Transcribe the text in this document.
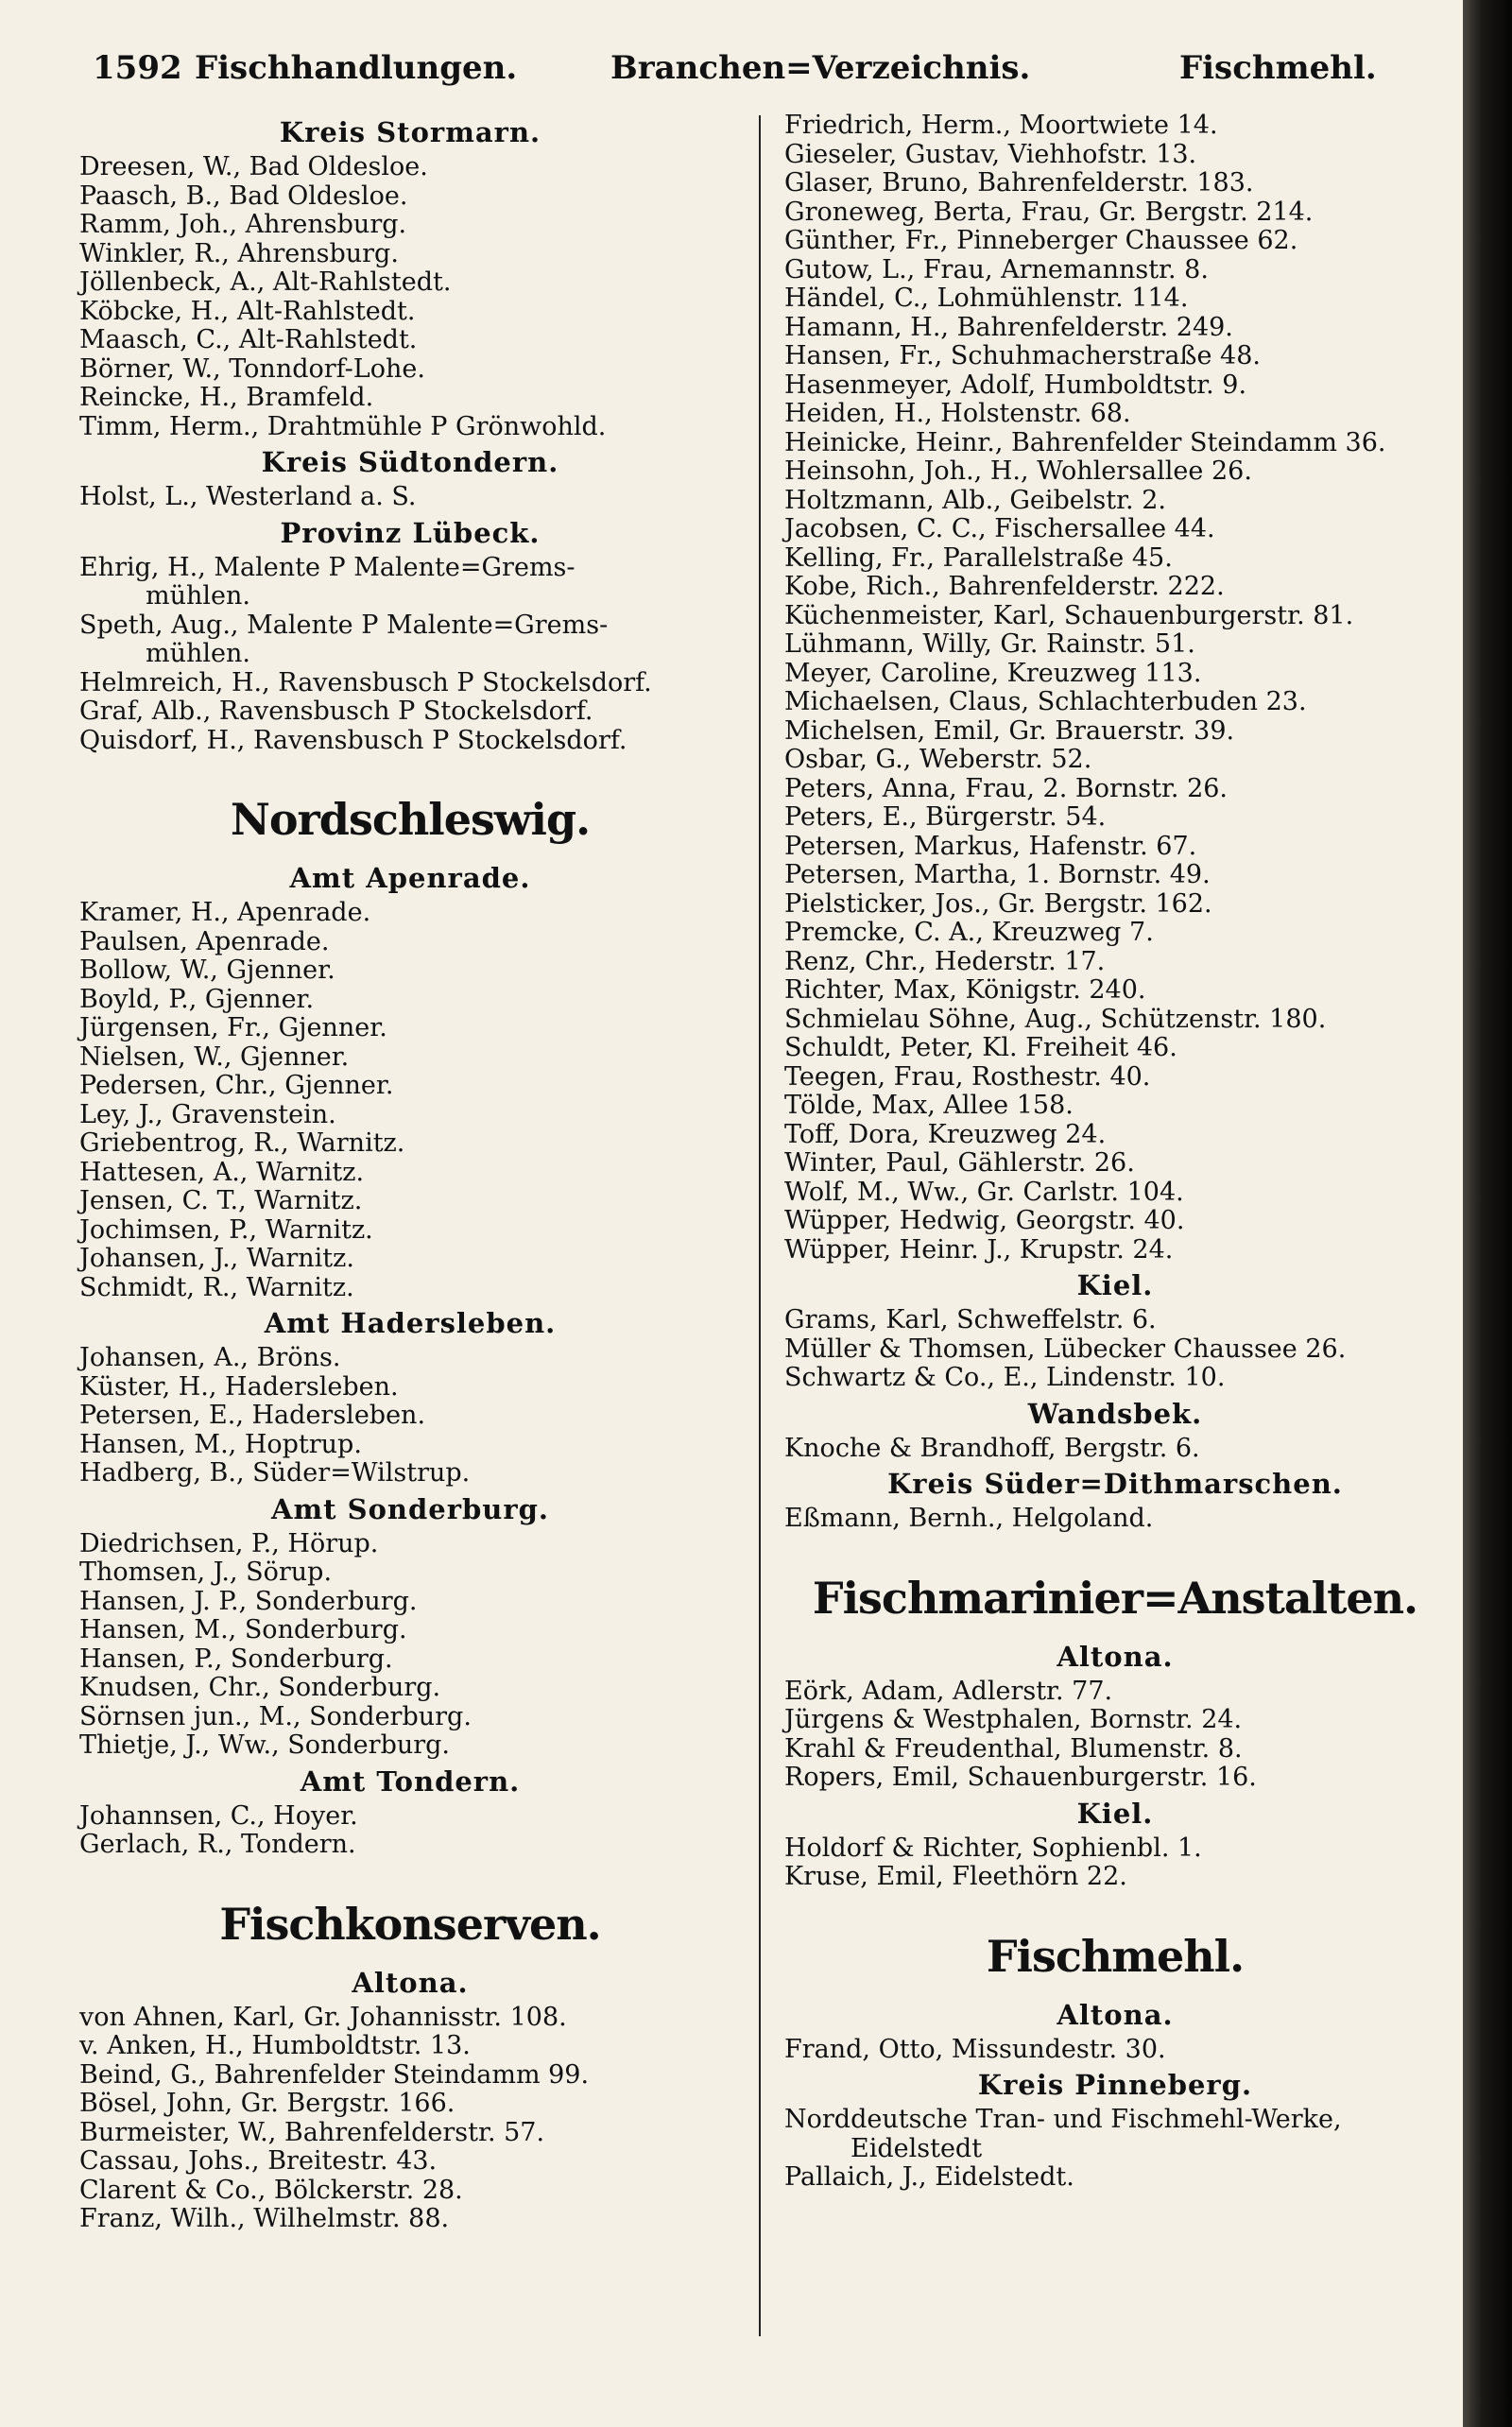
1592 Fischhandlungen.	Branchen=Verzeichnis.	Fischmehl.
Kreis Stormarn.
Dreesen, W., Bad Oldesloe.
Paasch, B., Bad Oldesloe.
Ramm, Joh., Ahrensburg.
Winkler, R., Ahrensburg.
Jöllenbeck, A., Alt-Rahlstedt.
Köbcke, H., Alt-Rahlstedt.
Maasch, C., Alt-Rahlstedt.
Börner, W., Tonndorf-Lohe.
Reincke, H., Bramfeld.
Timm, Herm., Drahtmühle P Grönwohld.
Kreis Südtondern.
Holst, L., Westerland a. S.
Provinz Lübeck.
Ehrig, H., Malente P Malente=Grems-
mühlen.
Speth, Aug., Malente P Malente=Grems-
mühlen.
Helmreich, H., Ravensbusch P Stockelsdorf.
Graf, Alb., Ravensbusch P Stockelsdorf.
Quisdorf, H., Ravensbusch P Stockelsdorf.
Nordschleswig.
Amt Apenrade.
Kramer, H., Apenrade.
Paulsen, Apenrade.
Bollow, W., Gjenner.
Boyld, P., Gjenner.
Jürgensen, Fr., Gjenner.
Nielsen, W., Gjenner.
Pedersen, Chr., Gjenner.
Ley, J., Gravenstein.
Griebentrog, R., Warnitz.
Hattesen, A., Warnitz.
Jensen, C. T., Warnitz.
Jochimsen, P., Warnitz.
Johansen, J., Warnitz.
Schmidt, R., Warnitz.
Amt Hadersleben.
Johansen, A., Bröns.
Küster, H., Hadersleben.
Petersen, E., Hadersleben.
Hansen, M., Hoptrup.
Hadberg, B., Süder=Wilstrup.
Amt Sonderburg.
Diedrichsen, P., Hörup.
Thomsen, J., Sörup.
Hansen, J. P., Sonderburg.
Hansen, M., Sonderburg.
Hansen, P., Sonderburg.
Knudsen, Chr., Sonderburg.
Sörnsen jun., M., Sonderburg.
Thietje, J., Ww., Sonderburg.
Amt Tondern.
Johannsen, C., Hoyer.
Gerlach, R., Tondern.
Fischkonserven.
Altona.
von Ahnen, Karl, Gr. Johannisstr. 108.
v. Anken, H., Humboldtstr. 13.
Beind, G., Bahrenfelder Steindamm 99.
Bösel, John, Gr. Bergstr. 166.
Burmeister, W., Bahrenfelderstr. 57.
Cassau, Johs., Breitestr. 43.
Clarent & Co., Bölckerstr. 28.
Franz, Wilh., Wilhelmstr. 88.
Friedrich, Herm., Moortwiete 14.
Gieseler, Gustav, Viehhofstr. 13.
Glaser, Bruno, Bahrenfelderstr. 183.
Groneweg, Berta, Frau, Gr. Bergstr. 214.
Günther, Fr., Pinneberger Chaussee 62.
Gutow, L., Frau, Arnemannstr. 8.
Händel, C., Lohmühlenstr. 114.
Hamann, H., Bahrenfelderstr. 249.
Hansen, Fr., Schuhmacherstraße 48.
Hasenmeyer, Adolf, Humboldtstr. 9.
Heiden, H., Holstenstr. 68.
Heinicke, Heinr., Bahrenfelder Steindamm 36.
Heinsohn, Joh., H., Wohlersallee 26.
Holtzmann, Alb., Geibelstr. 2.
Jacobsen, C. C., Fischersallee 44.
Kelling, Fr., Parallelstraße 45.
Kobe, Rich., Bahrenfelderstr. 222.
Küchenmeister, Karl, Schauenburgerstr. 81.
Lühmann, Willy, Gr. Rainstr. 51.
Meyer, Caroline, Kreuzweg 113.
Michaelsen, Claus, Schlachterbuden 23.
Michelsen, Emil, Gr. Brauerstr. 39.
Osbar, G., Weberstr. 52.
Peters, Anna, Frau, 2. Bornstr. 26.
Peters, E., Bürgerstr. 54.
Petersen, Markus, Hafenstr. 67.
Petersen, Martha, 1. Bornstr. 49.
Pielsticker, Jos., Gr. Bergstr. 162.
Premcke, C. A., Kreuzweg 7.
Renz, Chr., Hederstr. 17.
Richter, Max, Königstr. 240.
Schmielau Söhne, Aug., Schützenstr. 180.
Schuldt, Peter, Kl. Freiheit 46.
Teegen, Frau, Rosthestr. 40.
Tölde, Max, Allee 158.
Toff, Dora, Kreuzweg 24.
Winter, Paul, Gählerstr. 26.
Wolf, M., Ww., Gr. Carlstr. 104.
Wüpper, Hedwig, Georgstr. 40.
Wüpper, Heinr. J., Krupstr. 24.
Kiel.
Grams, Karl, Schweffelstr. 6.
Müller & Thomsen, Lübecker Chaussee 26.
Schwartz & Co., E., Lindenstr. 10.
Wandsbek.
Knoche & Brandhoff, Bergstr. 6.
Kreis Süder=Dithmarschen.
Eßmann, Bernh., Helgoland.
Fischmarinier=Anstalten.
Altona.
Eörk, Adam, Adlerstr. 77.
Jürgens & Westphalen, Bornstr. 24.
Krahl & Freudenthal, Blumenstr. 8.
Ropers, Emil, Schauenburgerstr. 16.
Kiel.
Holdorf & Richter, Sophienbl. 1.
Kruse, Emil, Fleethörn 22.
Fischmehl.
Altona.
Frand, Otto, Missundestr. 30.
Kreis Pinneberg.
Norddeutsche Tran- und Fischmehl-Werke,
Eidelstedt
Pallaich, J., Eidelstedt.
